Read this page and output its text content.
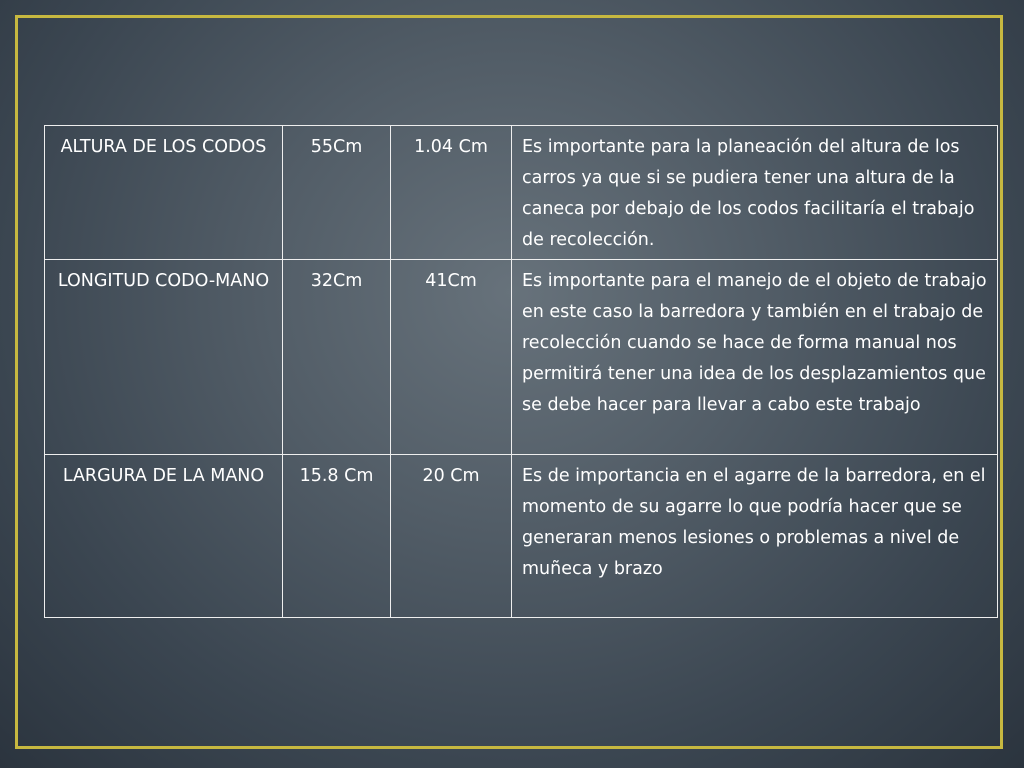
ALTURA DE LOS CODOS	55Cm	1.04 Cm	Es importante para la planeación del altura de los carros ya que si se pudiera tener una altura de la caneca por debajo de los codos facilitaría el trabajo de recolección.
LONGITUD CODO-MANO	32Cm	41Cm	Es importante para el manejo de el objeto de trabajo en este caso la barredora y también en el trabajo de recolección cuando se hace de forma manual nos permitirá tener una idea de los desplazamientos que se debe hacer para llevar a cabo este trabajo
LARGURA DE LA MANO	15.8 Cm	20 Cm	Es de importancia en el agarre de la barredora, en el momento de su agarre lo que podría hacer que se generaran menos lesiones o problemas a nivel de muñeca y brazo
